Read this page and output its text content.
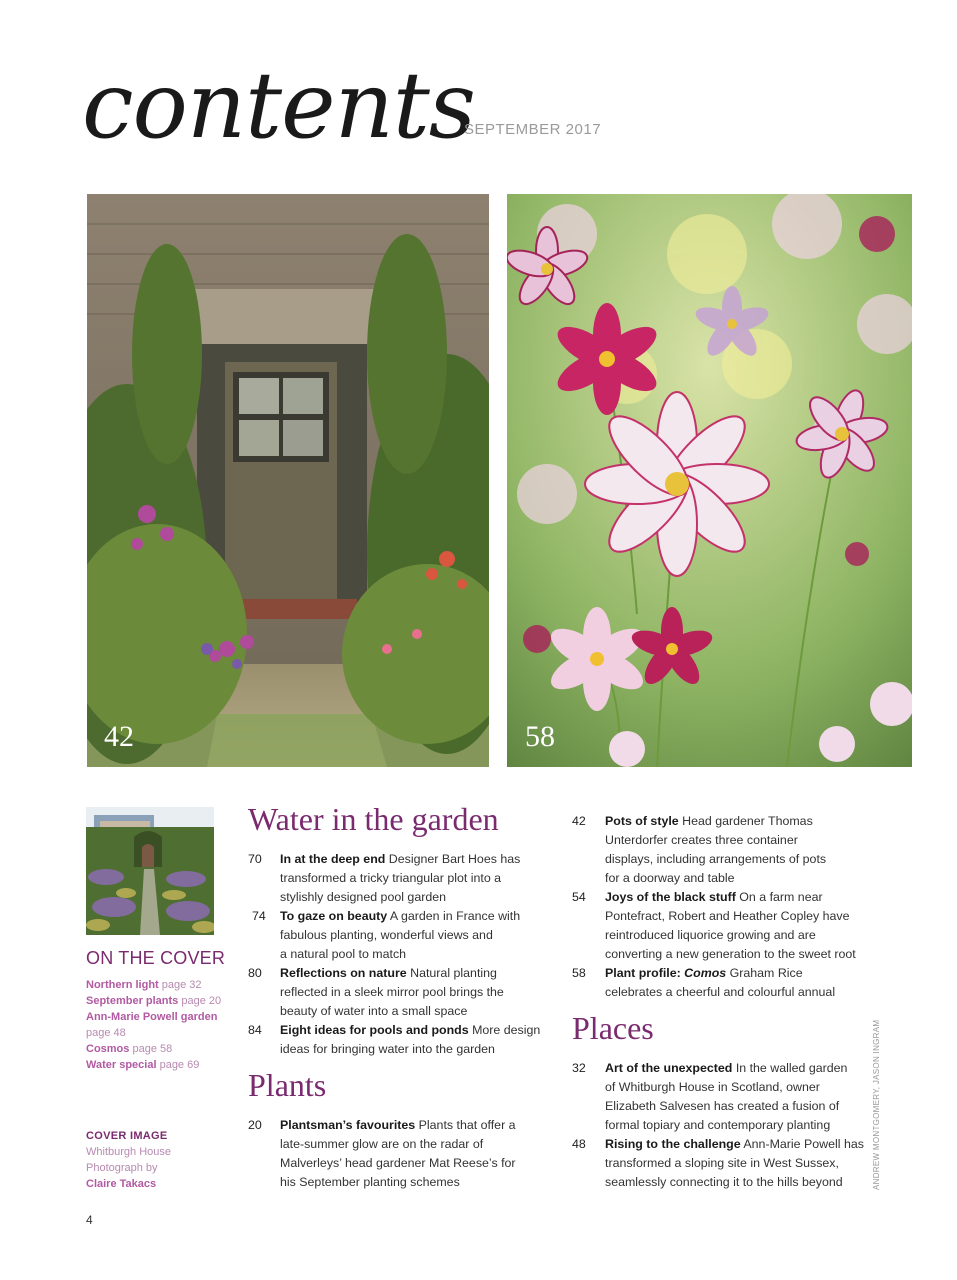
contents
SEPTEMBER 2017
42	58
ON THE COVER
Northern light page 32
September plants page 20
Ann-Marie Powell garden
page 48
Cosmos page 58
Water special page 69
COVER IMAGE
Whitburgh House
Photograph by
Claire Takacs
Water in the garden
70 In at the deep end Designer Bart Hoes has
transformed a tricky triangular plot into a
stylishly designed pool garden
74 To gaze on beauty A garden in France with
fabulous planting, wonderful views and
a natural pool to match
80 Reflections on nature Natural planting
reflected in a sleek mirror pool brings the
beauty of water into a small space
84 Eight ideas for pools and ponds More design
ideas for bringing water into the garden
Plants
20 Plantsman’s favourites Plants that offer a
late-summer glow are on the radar of
Malverleys’ head gardener Mat Reese’s for
his September planting schemes
42 Pots of style Head gardener Thomas
Unterdorfer creates three container
displays, including arrangements of pots
for a doorway and table
54 Joys of the black stuff On a farm near
Pontefract, Robert and Heather Copley have
reintroduced liquorice growing and are
converting a new generation to the sweet root
58 Plant profile: Comos Graham Rice
celebrates a cheerful and colourful annual
Places
32 Art of the unexpected In the walled garden
of Whitburgh House in Scotland, owner
Elizabeth Salvesen has created a fusion of
formal topiary and contemporary planting
48 Rising to the challenge Ann-Marie Powell has
transformed a sloping site in West Sussex,
seamlessly connecting it to the hills beyond	ANDREW MONTGOMERY, JASON INGRAM
4
